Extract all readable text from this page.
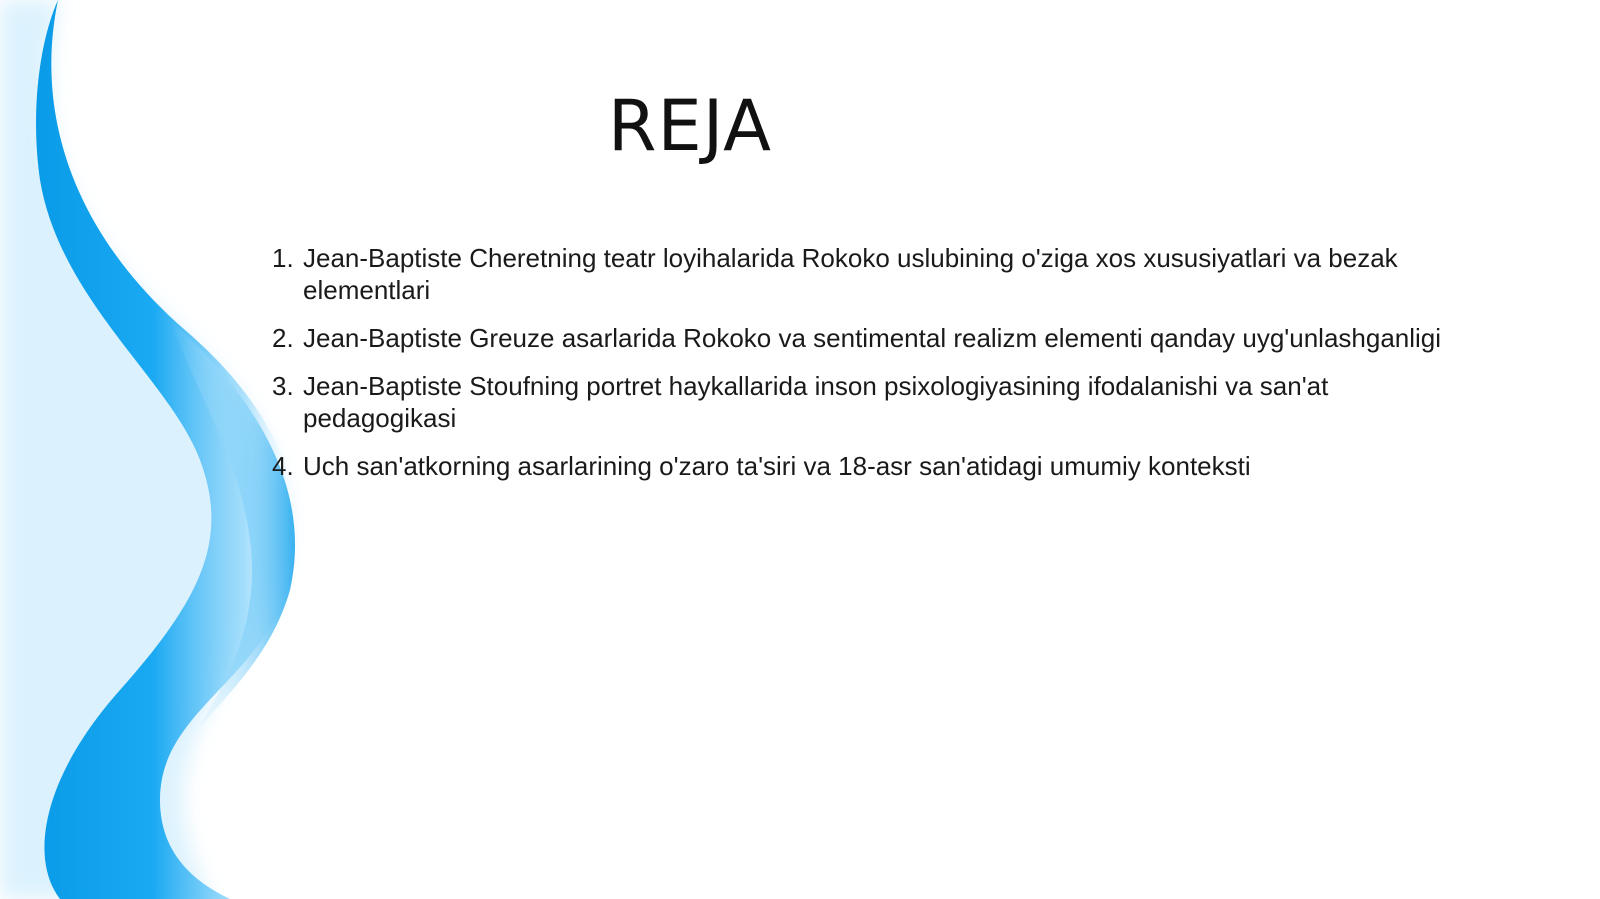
REJA
1. Jean-Baptiste Cheretning teatr loyihalarida Rokoko uslubining o'ziga xos xususiyatlari va bezak elementlari
2. Jean-Baptiste Greuze asarlarida Rokoko va sentimental realizm elementi qanday uyg'unlashganligi
3. Jean-Baptiste Stoufning portret haykallarida inson psixologiyasining ifodalanishi va san'at pedagogikasi
4. Uch san'atkorning asarlarining o'zaro ta'siri va 18-asr san'atidagi umumiy konteksti
